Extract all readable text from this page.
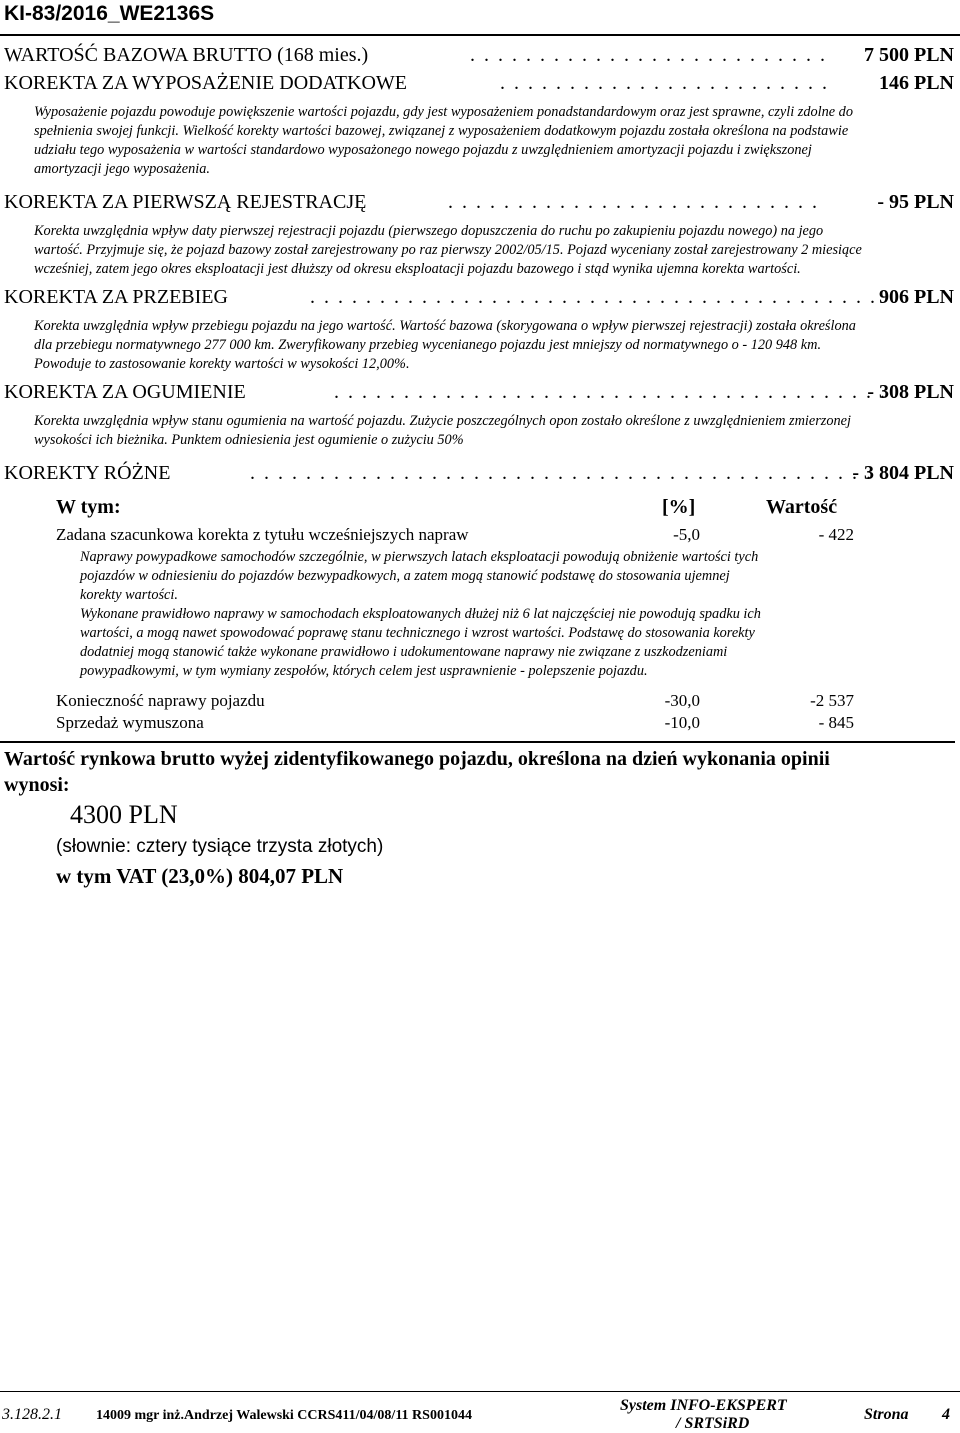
KI-83/2016_WE2136S
WARTOŚĆ BAZOWA BRUTTO (168 mies.)	. . . . . . . . . . . . . . . . . . . . . . . . . . 7 500 PLN
KOREKTA ZA WYPOSAŻENIE DODATKOWE	. . . . . . . . . . . . . . . . . . . . . . . .	146 PLN
Wyposażenie pojazdu powoduje powiększenie wartości pojazdu, gdy jest wyposażeniem ponadstandardowym oraz jest sprawne, czyli zdolne do
spełnienia swojej funkcji. Wielkość korekty wartości bazowej, związanej z wyposażeniem dodatkowym pojazdu została określona na podstawie
udziału tego wyposażenia w wartości standardowo wyposażonego nowego pojazdu z uwzględnieniem amortyzacji pojazdu i zwiększonej
amortyzacji jego wyposażenia.
KOREKTA ZA PIERWSZĄ REJESTRACJĘ	. . . . . . . . . . . . . . . . . . . . . . . . . . .	- 95 PLN
Korekta uwzględnia wpływ daty pierwszej rejestracji pojazdu (pierwszego dopuszczenia do ruchu po zakupieniu pojazdu nowego) na jego
wartość. Przyjmuje się, że pojazd bazowy został zarejestrowany po raz pierwszy 2002/05/15. Pojazd wyceniany został zarejestrowany 2 miesiące
wcześniej, zatem jego okres eksploatacji jest dłuższy od okresu eksploatacji pojazdu bazowego i stąd wynika ujemna korekta wartości.
KOREKTA ZA PRZEBIEG	. . . . . . . . . . . . . . . . . . . . . . . . . . . . . . . . . . . . . . . . . 906 PLN
Korekta uwzględnia wpływ przebiegu pojazdu na jego wartość. Wartość bazowa (skorygowana o wpływ pierwszej rejestracji) została określona
dla przebiegu normatywnego 277 000 km. Zweryfikowany przebieg wycenianego pojazdu jest mniejszy od normatywnego o - 120 948 km.
Powoduje to zastosowanie korekty wartości w wysokości 12,00%.
KOREKTA ZA OGUMIENIE	. . . . . . . . . . . . . . . . . . . . . . . . . . . . . . . . . . . . . . . .
- 308 PLN
Korekta uwzględnia wpływ stanu ogumienia na wartość pojazdu. Zużycie poszczególnych opon zostało określone z uwzględnieniem zmierzonej
wysokości ich bieżnika. Punktem odniesienia jest ogumienie o zużyciu 50%
KOREKTY RÓŻNE	. . . . . . . . . . . . . . . . . . . . . . . . . . . . . . . . . . . . . . . . . . . . .
- 3 804 PLN
W tym:	[%]	Wartość
Zadana szacunkowa korekta z tytułu wcześniejszych napraw	-5,0	- 422
Naprawy powypadkowe samochodów szczególnie, w pierwszych latach eksploatacji powodują obniżenie wartości tych
pojazdów w odniesieniu do pojazdów bezwypadkowych, a zatem mogą stanowić podstawę do stosowania ujemnej
korekty wartości.
Wykonane prawidłowo naprawy w samochodach eksploatowanych dłużej niż 6 lat najczęściej nie powodują spadku ich
wartości, a mogą nawet spowodować poprawę stanu technicznego i wzrost wartości. Podstawę do stosowania korekty
dodatniej mogą stanowić także wykonane prawidłowo i udokumentowane naprawy nie związane z uszkodzeniami
powypadkowymi, w tym wymiany zespołów, których celem jest usprawnienie - polepszenie pojazdu.
Konieczność naprawy pojazdu	-30,0	-2 537
Sprzedaż wymuszona	-10,0	- 845
Wartość rynkowa brutto wyżej zidentyfikowanego pojazdu, określona na dzień wykonania opinii
wynosi:
4300 PLN
(słownie: cztery tysiące trzysta złotych)
w tym VAT (23,0%) 804,07 PLN
3.128.2.1 14009 mgr inż.Andrzej Walewski CCRS411/04/08/11 RS001044
System INFO-EKSPERT
/ SRTSiRD
Strona 4
